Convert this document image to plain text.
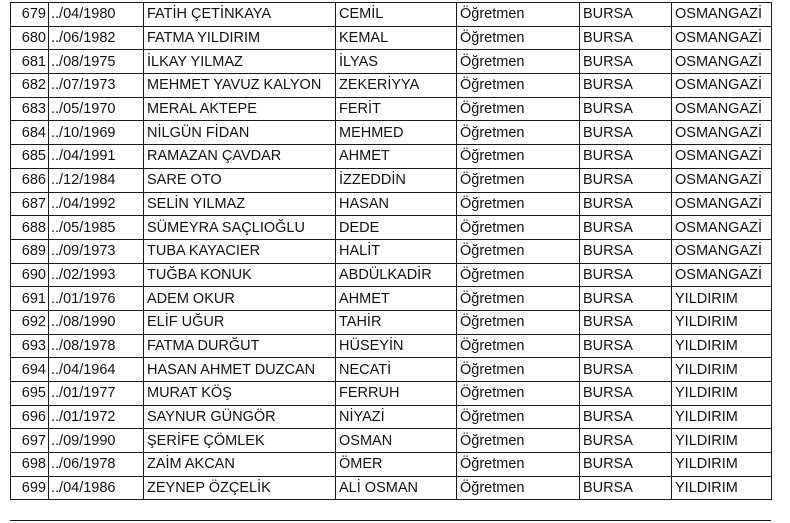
679	../04/1980	FATİH ÇETİNKAYA	CEMİL	Öğretmen	BURSA	OSMANGAZİ
680	../06/1982	FATMA YILDIRIM	KEMAL	Öğretmen	BURSA	OSMANGAZİ
681	../08/1975	İLKAY YILMAZ	İLYAS	Öğretmen	BURSA	OSMANGAZİ
682	../07/1973	MEHMET YAVUZ KALYON	ZEKERİYYA	Öğretmen	BURSA	OSMANGAZİ
683	../05/1970	MERAL AKTEPE	FERİT	Öğretmen	BURSA	OSMANGAZİ
684	../10/1969	NİLGÜN FİDAN	MEHMED	Öğretmen	BURSA	OSMANGAZİ
685	../04/1991	RAMAZAN ÇAVDAR	AHMET	Öğretmen	BURSA	OSMANGAZİ
686	../12/1984	SARE OTO	İZZEDDİN	Öğretmen	BURSA	OSMANGAZİ
687	../04/1992	SELİN YILMAZ	HASAN	Öğretmen	BURSA	OSMANGAZİ
688	../05/1985	SÜMEYRA SAÇLIOĞLU	DEDE	Öğretmen	BURSA	OSMANGAZİ
689	../09/1973	TUBA KAYACIER	HALİT	Öğretmen	BURSA	OSMANGAZİ
690	../02/1993	TUĞBA KONUK	ABDÜLKADİR	Öğretmen	BURSA	OSMANGAZİ
691	../01/1976	ADEM OKUR	AHMET	Öğretmen	BURSA	YILDIRIM
692	../08/1990	ELİF UĞUR	TAHİR	Öğretmen	BURSA	YILDIRIM
693	../08/1978	FATMA DURĞUT	HÜSEYİN	Öğretmen	BURSA	YILDIRIM
694	../04/1964	HASAN AHMET DUZCAN	NECATİ	Öğretmen	BURSA	YILDIRIM
695	../01/1977	MURAT KÖŞ	FERRUH	Öğretmen	BURSA	YILDIRIM
696	../01/1972	SAYNUR GÜNGÖR	NİYAZİ	Öğretmen	BURSA	YILDIRIM
697	../09/1990	ŞERİFE ÇÖMLEK	OSMAN	Öğretmen	BURSA	YILDIRIM
698	../06/1978	ZAİM AKCAN	ÖMER	Öğretmen	BURSA	YILDIRIM
699	../04/1986	ZEYNEP ÖZÇELİK	ALİ OSMAN	Öğretmen	BURSA	YILDIRIM
